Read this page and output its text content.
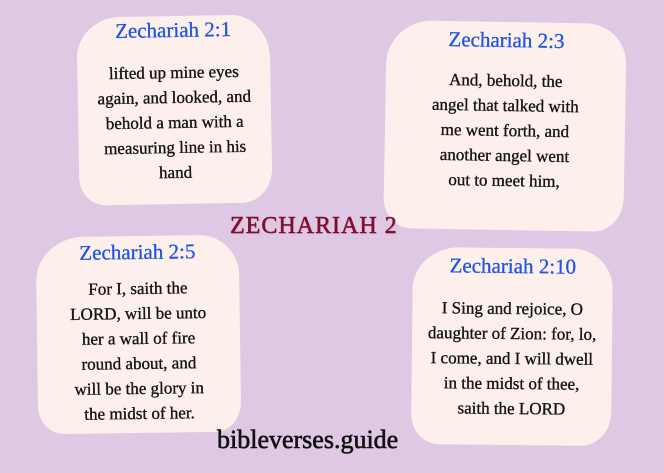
Zechariah 2:1
lifted up mine eyes
again, and looked, and
behold a man with a
measuring line in his
hand
Zechariah 2:3
And, behold, the
angel that talked with
me went forth, and
another angel went
out to meet him,
ZECHARIAH 2
Zechariah 2:5
For I, saith the
LORD, will be unto
her a wall of fire
round about, and
will be the glory in
the midst of her.
Zechariah 2:10
I Sing and rejoice, O
daughter of Zion: for, lo,
I come, and I will dwell
in the midst of thee,
saith the LORD
bibleverses.guide
